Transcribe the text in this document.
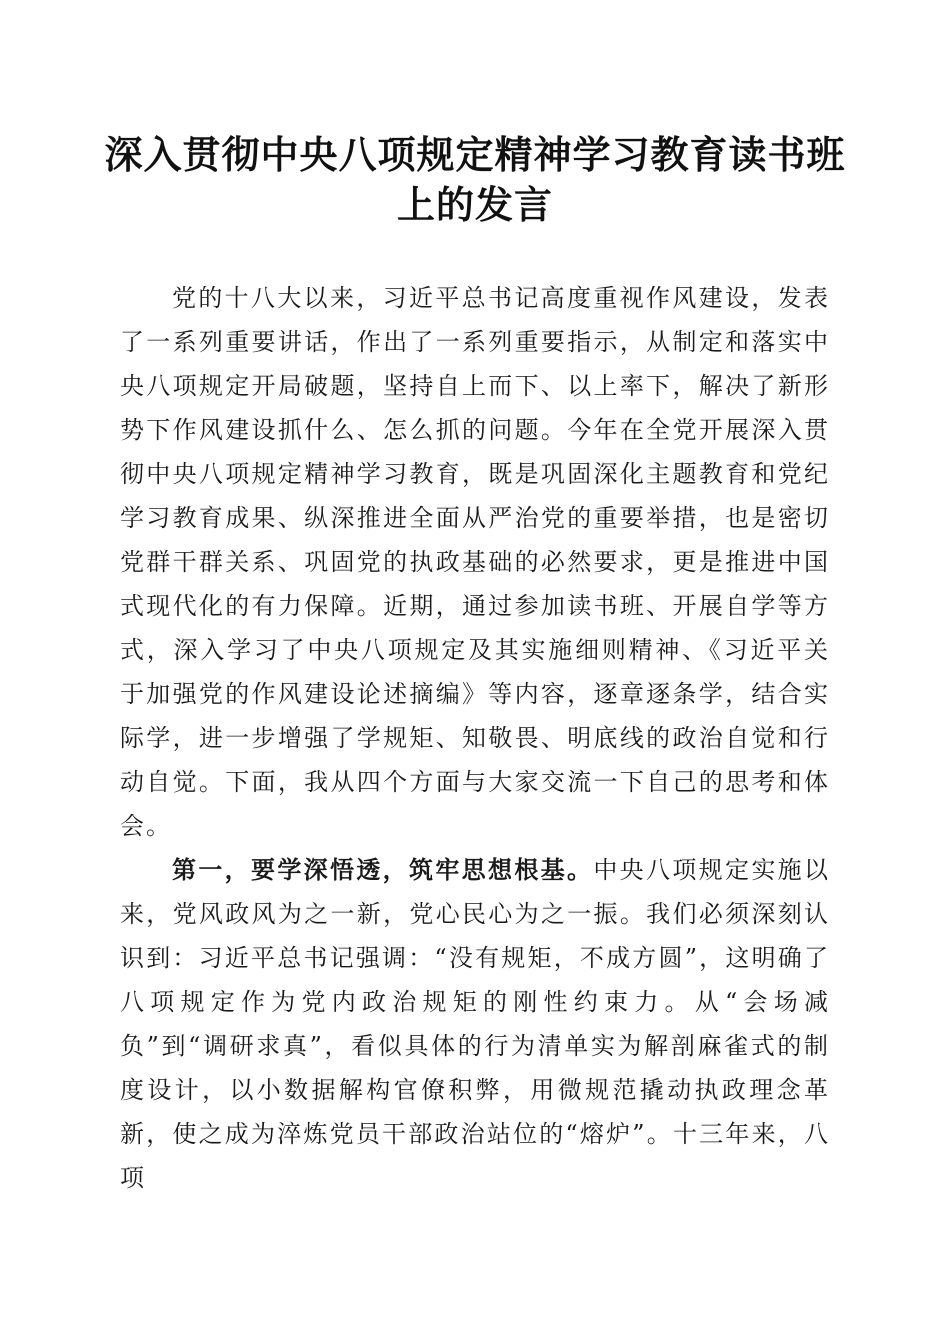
深入贯彻中央八项规定精神学习教育读书班上的发言

党的十八大以来，习近平总书记高度重视作风建设，发表了一系列重要讲话，作出了一系列重要指示，从制定和落实中央八项规定开局破题，坚持自上而下、以上率下，解决了新形势下作风建设抓什么、怎么抓的问题。今年在全党开展深入贯彻中央八项规定精神学习教育，既是巩固深化主题教育和党纪学习教育成果、纵深推进全面从严治党的重要举措，也是密切党群干群关系、巩固党的执政基础的必然要求，更是推进中国式现代化的有力保障。近期，通过参加读书班、开展自学等方式，深入学习了中央八项规定及其实施细则精神、《习近平关于加强党的作风建设论述摘编》等内容，逐章逐条学，结合实际学，进一步增强了学规矩、知敬畏、明底线的政治自觉和行动自觉。下面，我从四个方面与大家交流一下自己的思考和体会。

第一，要学深悟透，筑牢思想根基。中央八项规定实施以来，党风政风为之一新，党心民心为之一振。我们必须深刻认识到：习近平总书记强调：“没有规矩，不成方圆”，这明确了八项规定作为党内政治规矩的刚性约束力。从“会场减负”到“调研求真”，看似具体的行为清单实为解剖麻雀式的制度设计，以小数据解构官僚积弊，用微规范撬动执政理念革新，使之成为淬炼党员干部政治站位的“熔炉”。十三年来，八项
